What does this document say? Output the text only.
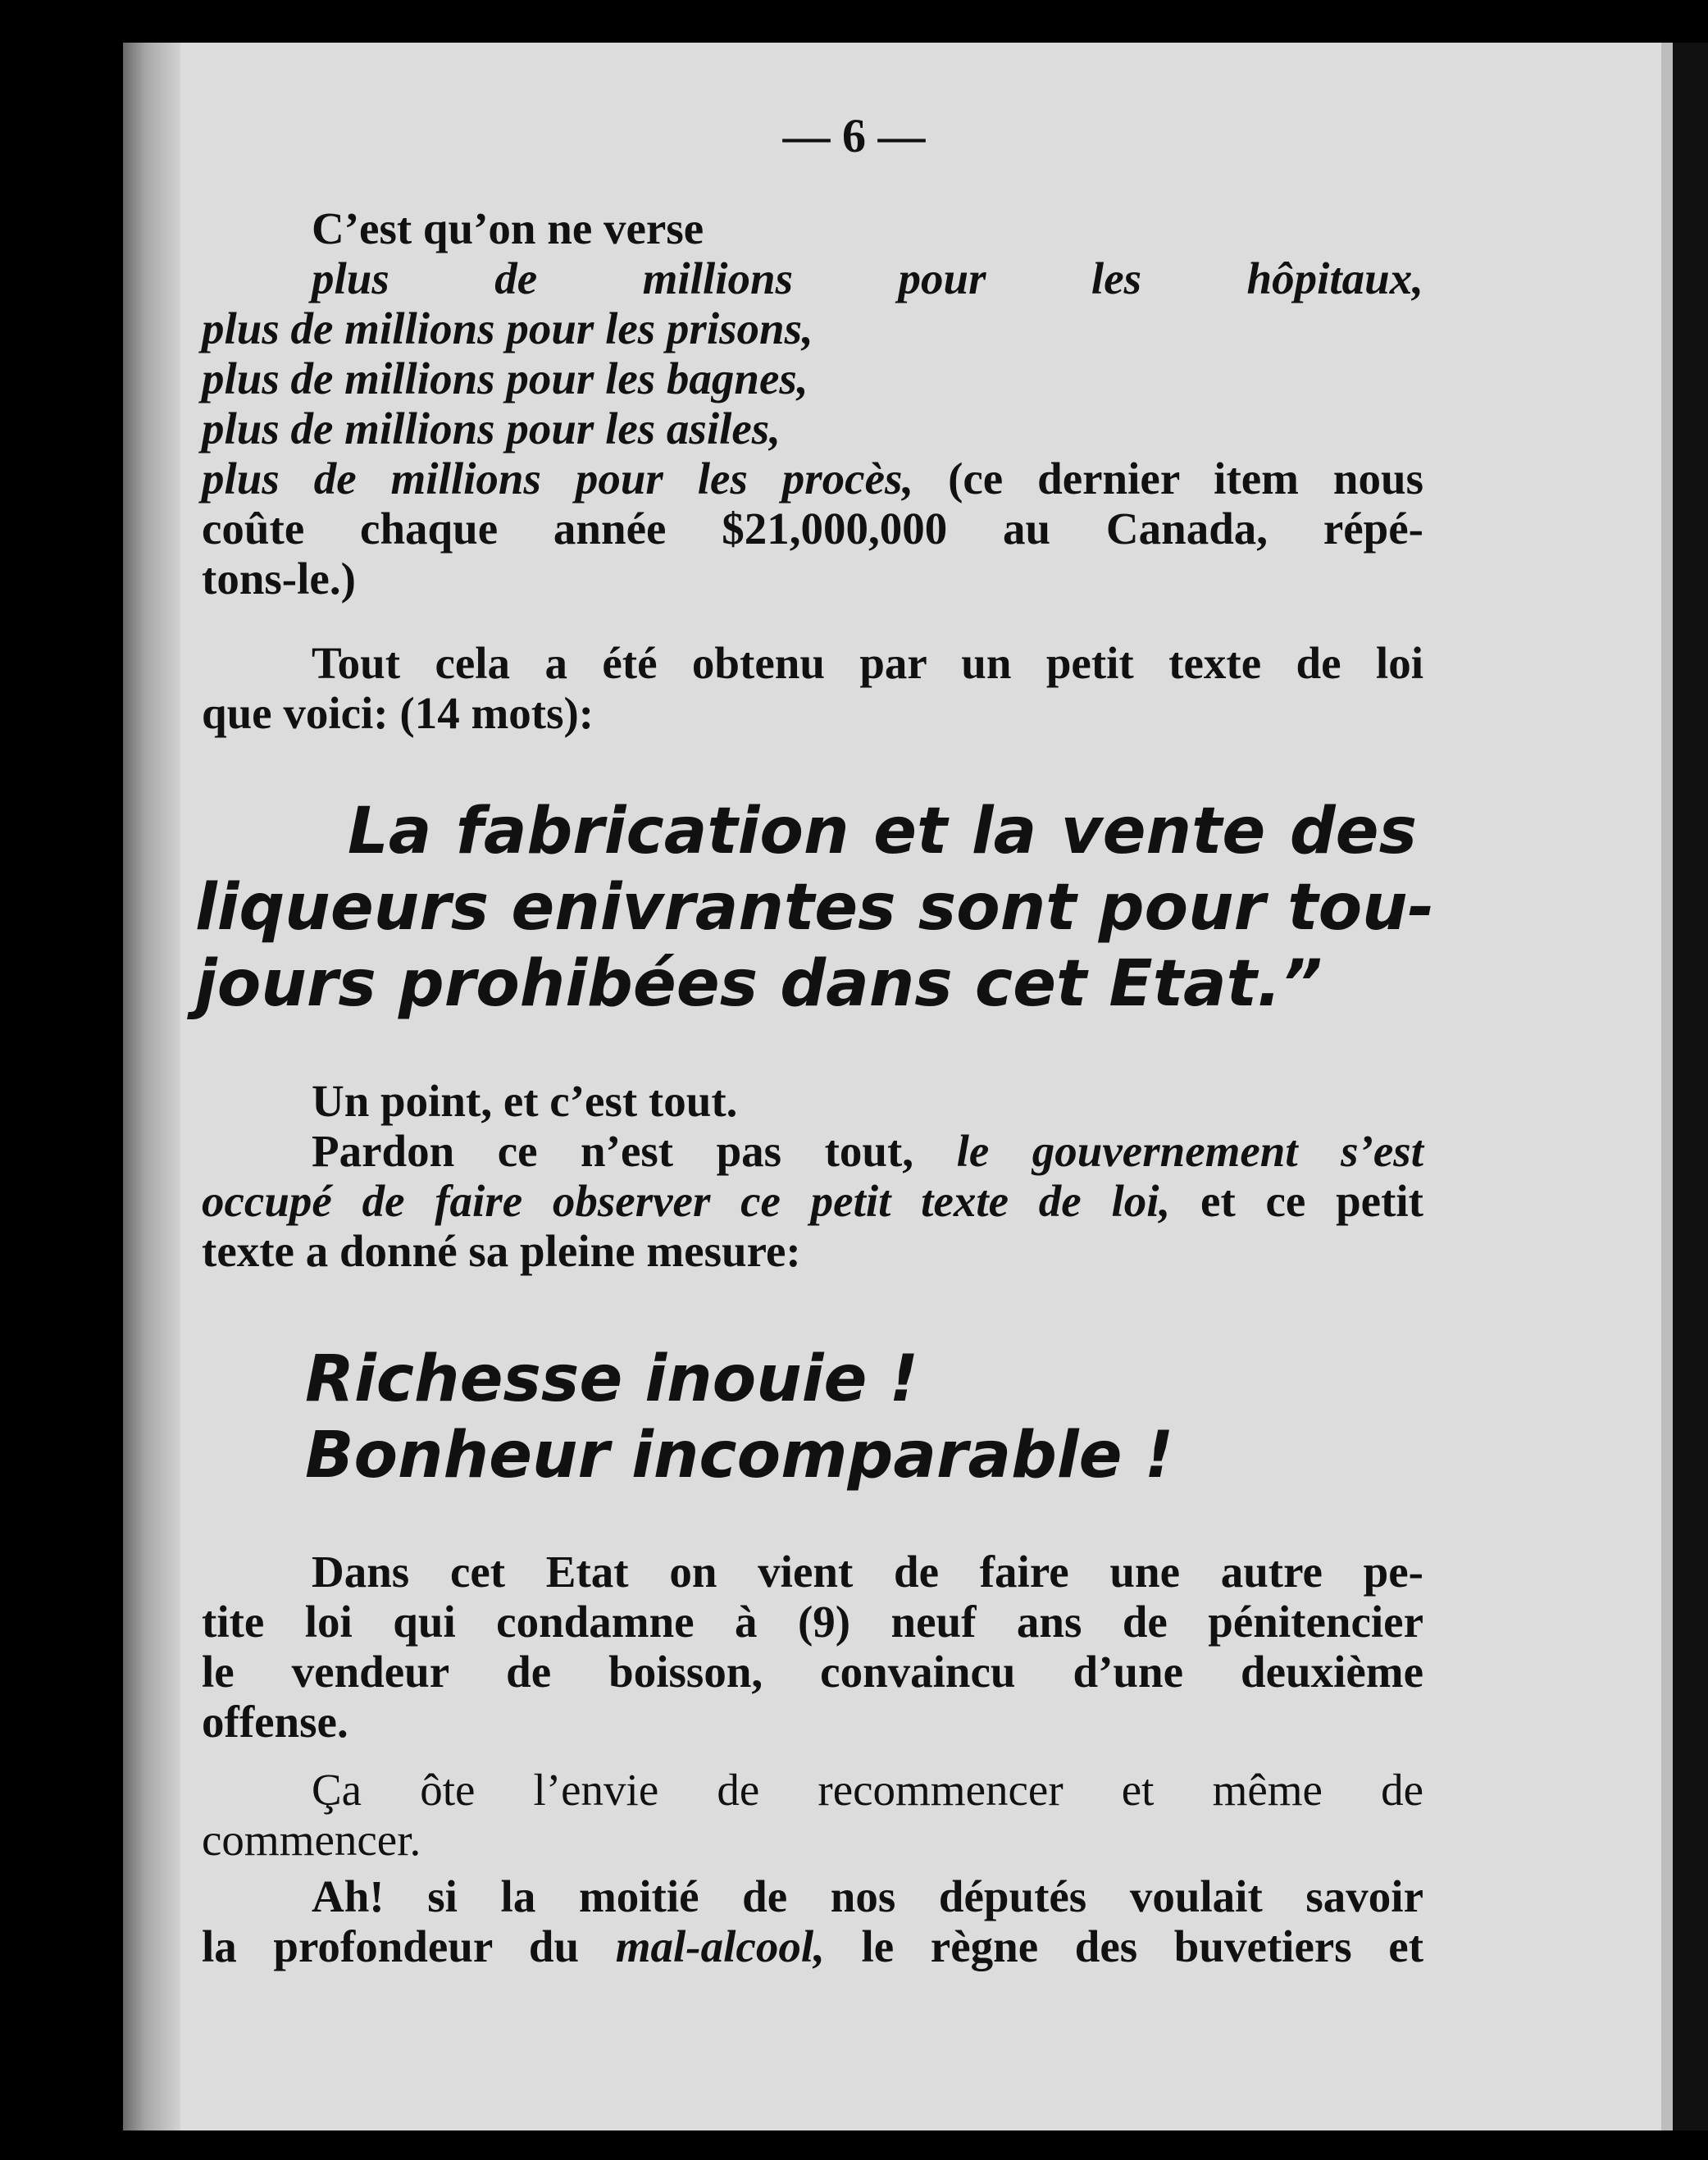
— 6 —

C’est qu’on ne verse

plus de millions pour les hôpitaux,

plus de millions pour les prisons,

plus de millions pour les bagnes,

plus de millions pour les asiles,

plus de millions pour les procès, (ce dernier item nous

coûte chaque année $21,000,000 au Canada, répé-

tons-le.)

Tout cela a été obtenu par un petit texte de loi

que voici: (14 mots):

La fabrication et la vente des

liqueurs enivrantes sont pour tou-

jours prohibées dans cet Etat.”

Un point, et c’est tout.

Pardon ce n’est pas tout, le gouvernement s’est

occupé de faire observer ce petit texte de loi, et ce petit

texte a donné sa pleine mesure:

Richesse inouie !

Bonheur incomparable !

Dans cet Etat on vient de faire une autre pe-

tite loi qui condamne à (9) neuf ans de pénitencier

le vendeur de boisson, convaincu d’une deuxième

offense.

Ça ôte l’envie de recommencer et même de

commencer.

Ah! si la moitié de nos députés voulait savoir

la profondeur du mal-alcool, le règne des buvetiers et
